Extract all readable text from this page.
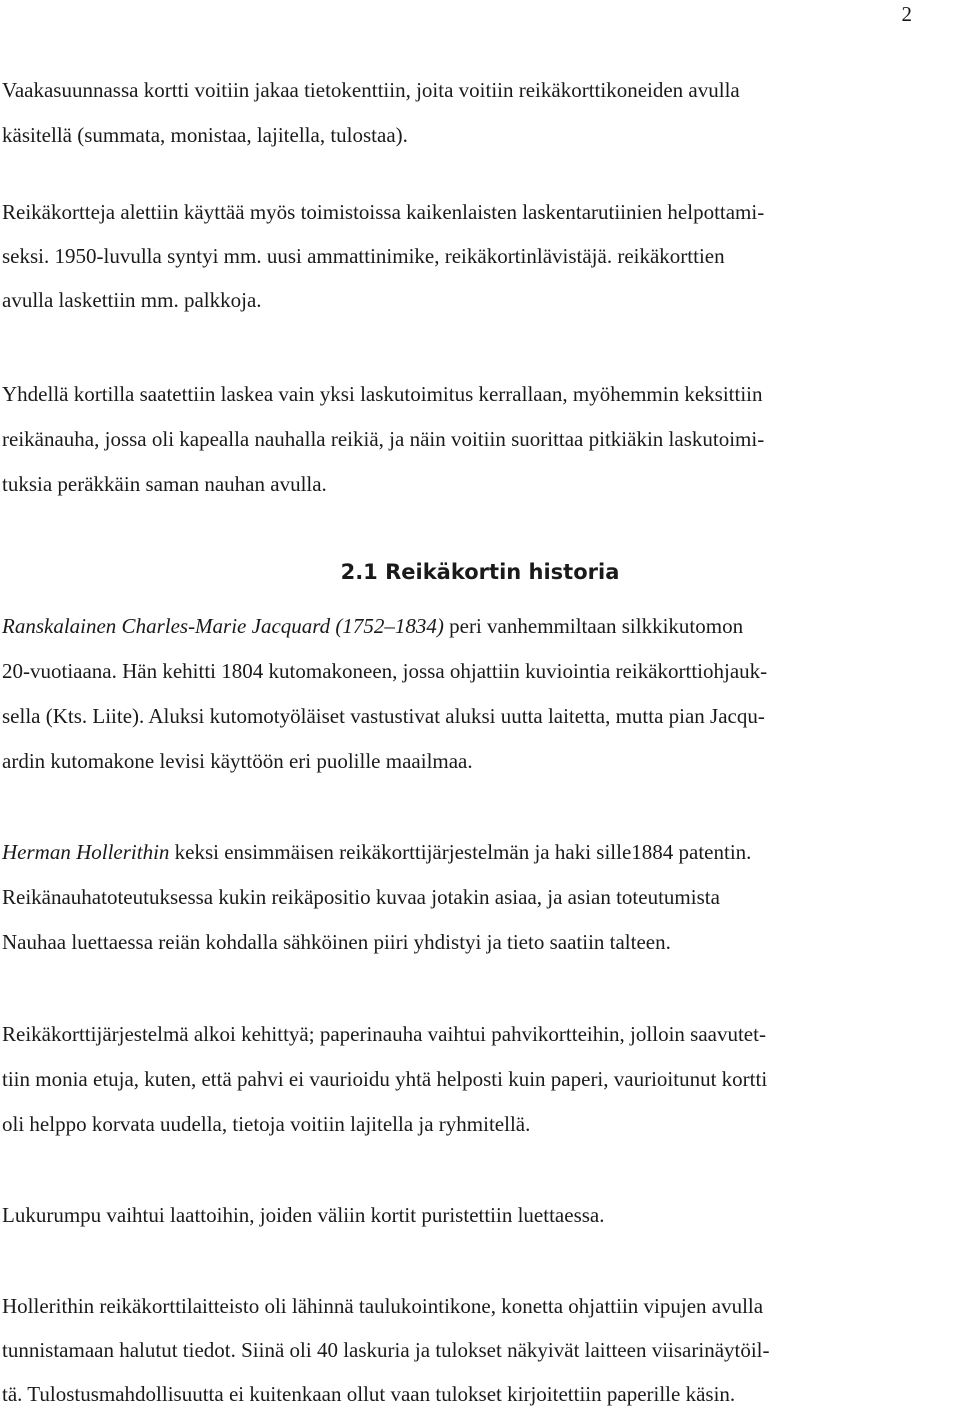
2
Vaakasuunnassa kortti voitiin jakaa tietokenttiin, joita voitiin reikäkorttikoneiden avulla
käsitellä (summata, monistaa, lajitella, tulostaa).
Reikäkortteja alettiin käyttää myös toimistoissa kaikenlaisten laskentarutiinien helpottami-
seksi. 1950-luvulla syntyi mm. uusi ammattinimike, reikäkortinlävistäjä. reikäkorttien
avulla laskettiin mm. palkkoja.
Yhdellä kortilla saatettiin laskea vain yksi laskutoimitus kerrallaan, myöhemmin keksittiin
reikänauha, jossa oli kapealla nauhalla reikiä, ja näin voitiin suorittaa pitkiäkin laskutoimi-
tuksia peräkkäin saman nauhan avulla.
2.1 Reikäkortin historia
Ranskalainen Charles-Marie Jacquard (1752–1834) peri vanhemmiltaan silkkikutomon
20-vuotiaana. Hän kehitti 1804 kutomakoneen, jossa ohjattiin kuviointia reikäkorttiohjauk-
sella (Kts. Liite). Aluksi kutomotyöläiset vastustivat aluksi uutta laitetta, mutta pian Jacqu-
ardin kutomakone levisi käyttöön eri puolille maailmaa.
Herman Hollerithin keksi ensimmäisen reikäkorttijärjestelmän ja haki sille1884 patentin.
Reikänauhatoteutuksessa kukin reikäpositio kuvaa jotakin asiaa, ja asian toteutumista
Nauhaa luettaessa reiän kohdalla sähköinen piiri yhdistyi ja tieto saatiin talteen.
Reikäkorttijärjestelmä alkoi kehittyä; paperinauha vaihtui pahvikortteihin, jolloin saavutet-
tiin monia etuja, kuten, että pahvi ei vaurioidu yhtä helposti kuin paperi, vaurioitunut kortti
oli helppo korvata uudella, tietoja voitiin lajitella ja ryhmitellä.
Lukurumpu vaihtui laattoihin, joiden väliin kortit puristettiin luettaessa.
Hollerithin reikäkorttilaitteisto oli lähinnä taulukointikone, konetta ohjattiin vipujen avulla
tunnistamaan halutut tiedot. Siinä oli 40 laskuria ja tulokset näkyivät laitteen viisarinäytöil-
tä. Tulostusmahdollisuutta ei kuitenkaan ollut vaan tulokset kirjoitettiin paperille käsin.
